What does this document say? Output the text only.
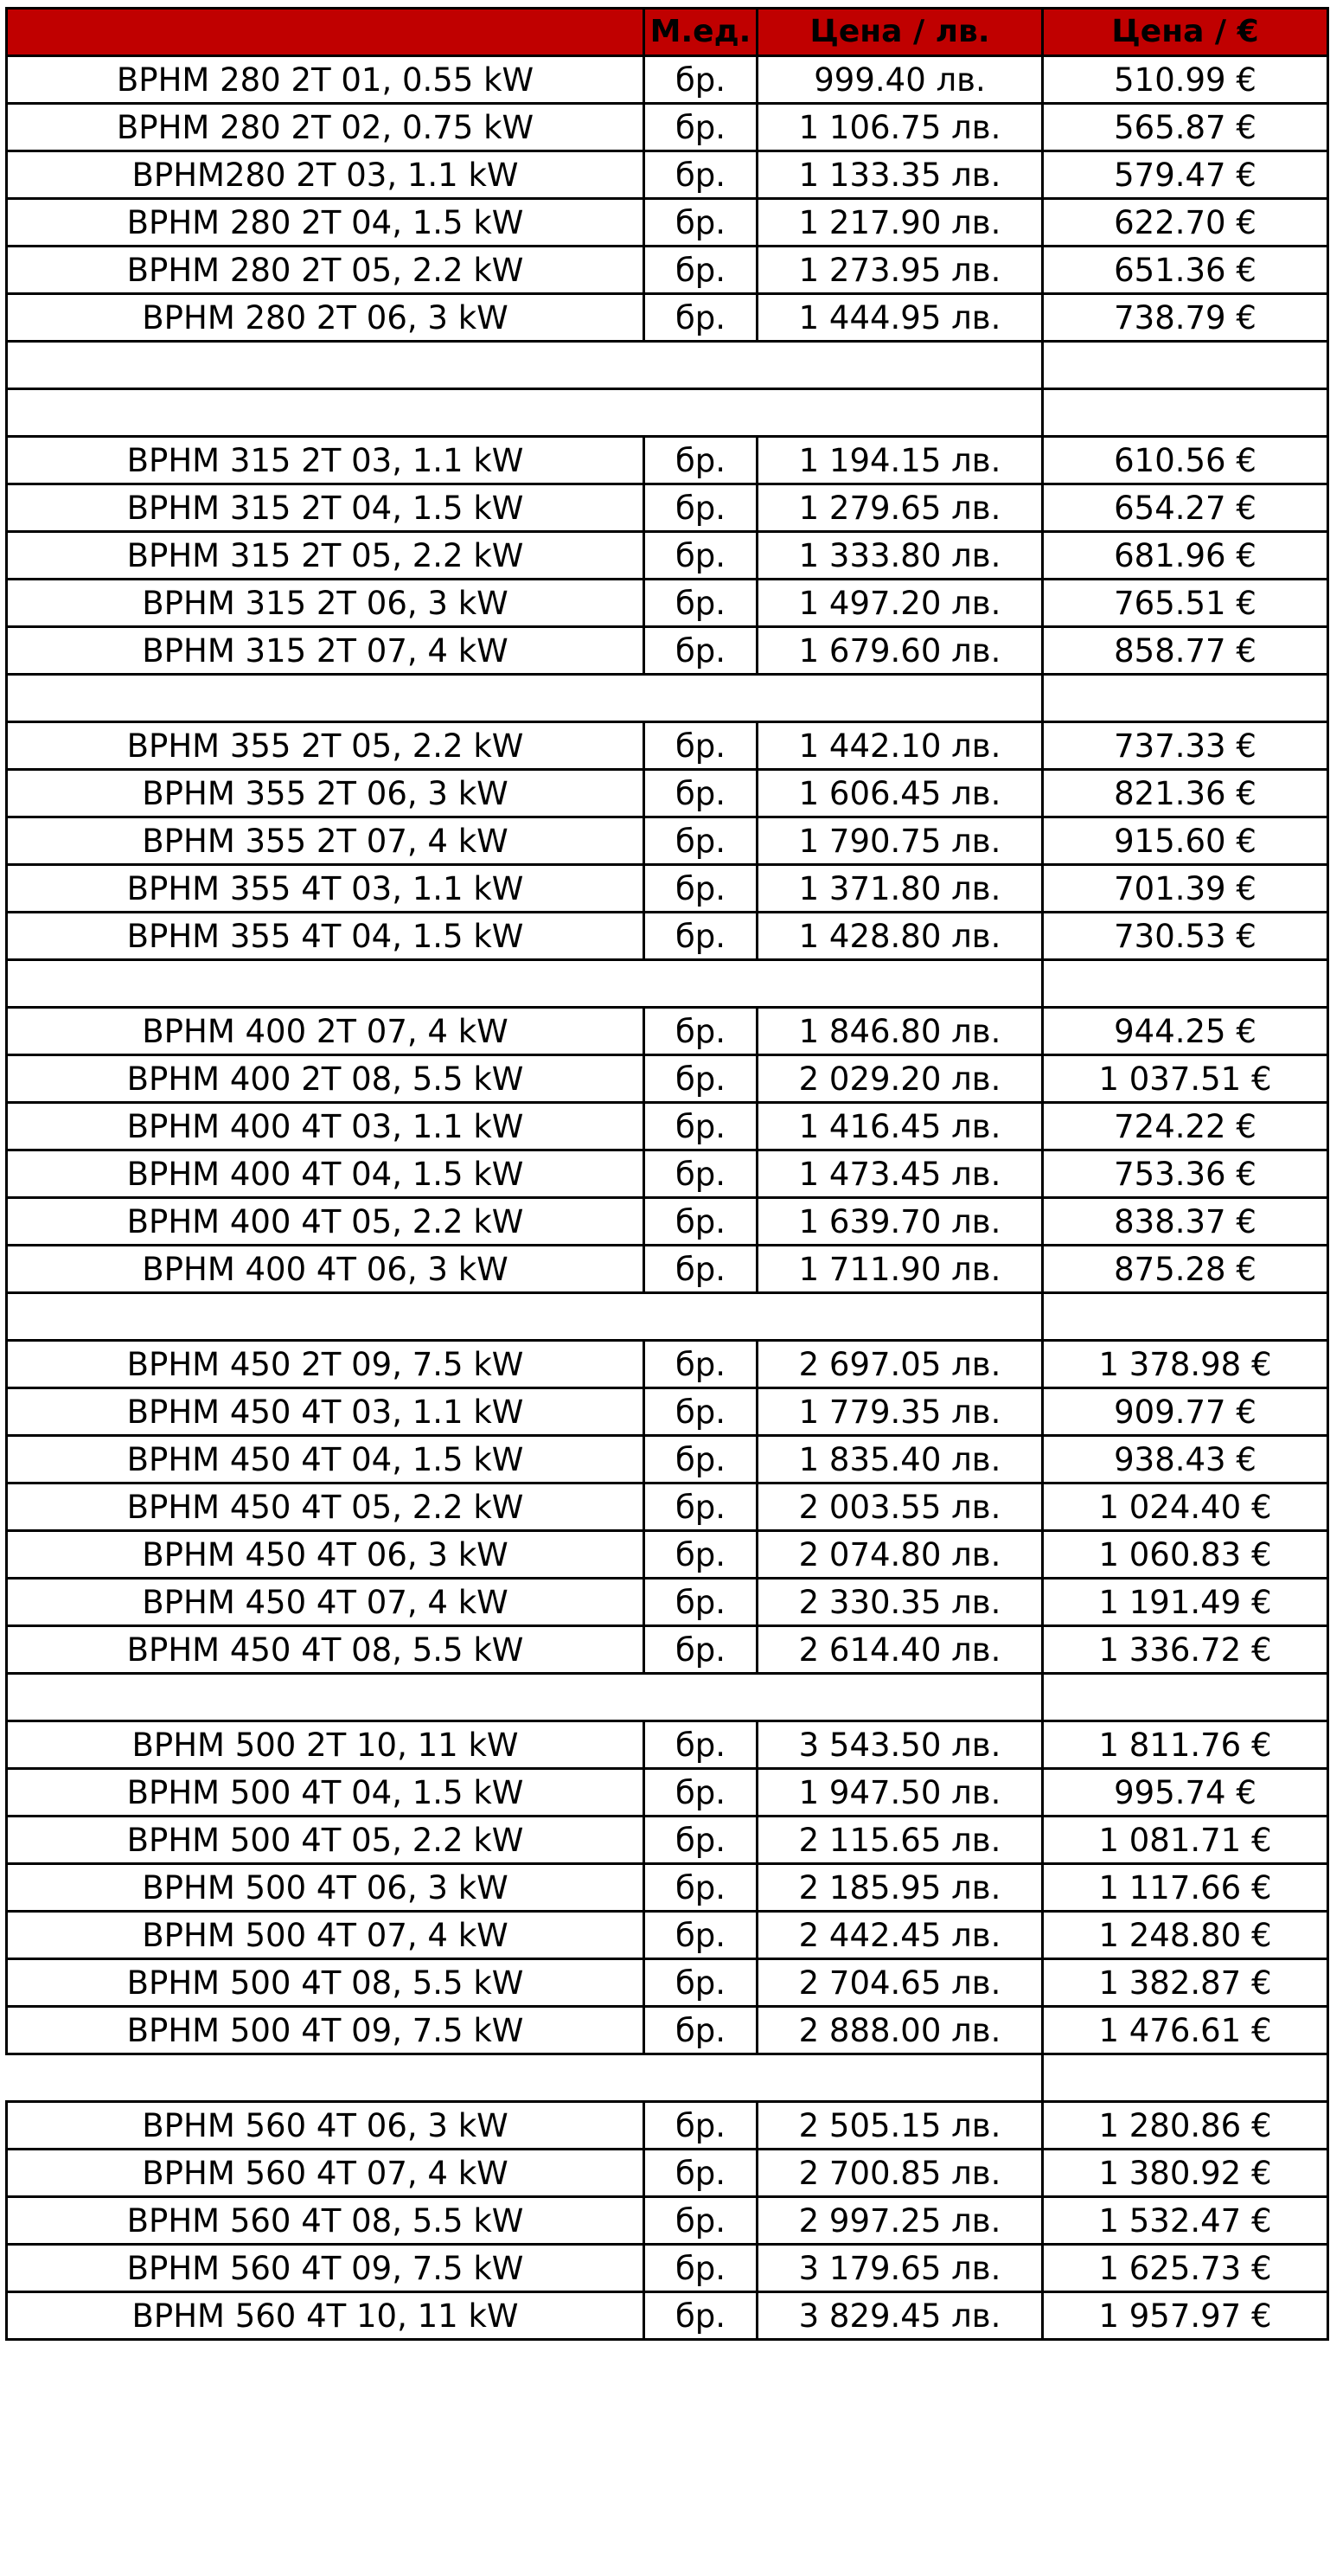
	М.ед.	Цена / лв.	Цена / €
ВРНМ 280 2Т 01, 0.55 kW	бр.	999.40 лв.	510.99 €
ВРНМ 280 2Т 02, 0.75 kW	бр.	1 106.75 лв.	565.87 €
ВРНМ280 2Т 03, 1.1 kW	бр.	1 133.35 лв.	579.47 €
ВРНМ 280 2Т 04, 1.5 kW	бр.	1 217.90 лв.	622.70 €
ВРНМ 280 2Т 05, 2.2 kW	бр.	1 273.95 лв.	651.36 €
ВРНМ 280 2Т 06, 3 kW	бр.	1 444.95 лв.	738.79 €

ВРНМ 315 2Т 03, 1.1 kW	бр.	1 194.15 лв.	610.56 €
ВРНМ 315 2Т 04, 1.5 kW	бр.	1 279.65 лв.	654.27 €
ВРНМ 315 2Т 05, 2.2 kW	бр.	1 333.80 лв.	681.96 €
ВРНМ 315 2Т 06, 3 kW	бр.	1 497.20 лв.	765.51 €
ВРНМ 315 2Т 07, 4 kW	бр.	1 679.60 лв.	858.77 €

ВРНМ 355 2Т 05, 2.2 kW	бр.	1 442.10 лв.	737.33 €
ВРНМ 355 2Т 06, 3 kW	бр.	1 606.45 лв.	821.36 €
ВРНМ 355 2Т 07, 4 kW	бр.	1 790.75 лв.	915.60 €
ВРНМ 355 4Т 03, 1.1 kW	бр.	1 371.80 лв.	701.39 €
ВРНМ 355 4Т 04, 1.5 kW	бр.	1 428.80 лв.	730.53 €

ВРНМ 400 2Т 07, 4 kW	бр.	1 846.80 лв.	944.25 €
ВРНМ 400 2Т 08, 5.5 kW	бр.	2 029.20 лв.	1 037.51 €
ВРНМ 400 4Т 03, 1.1 kW	бр.	1 416.45 лв.	724.22 €
ВРНМ 400 4Т 04, 1.5 kW	бр.	1 473.45 лв.	753.36 €
ВРНМ 400 4Т 05, 2.2 kW	бр.	1 639.70 лв.	838.37 €
ВРНМ 400 4Т 06, 3 kW	бр.	1 711.90 лв.	875.28 €

ВРНМ 450 2Т 09, 7.5 kW	бр.	2 697.05 лв.	1 378.98 €
ВРНМ 450 4Т 03, 1.1 kW	бр.	1 779.35 лв.	909.77 €
ВРНМ 450 4Т 04, 1.5 kW	бр.	1 835.40 лв.	938.43 €
ВРНМ 450 4Т 05, 2.2 kW	бр.	2 003.55 лв.	1 024.40 €
ВРНМ 450 4Т 06, 3 kW	бр.	2 074.80 лв.	1 060.83 €
ВРНМ 450 4Т 07, 4 kW	бр.	2 330.35 лв.	1 191.49 €
ВРНМ 450 4Т 08, 5.5 kW	бр.	2 614.40 лв.	1 336.72 €

ВРНМ 500 2Т 10, 11 kW	бр.	3 543.50 лв.	1 811.76 €
ВРНМ 500 4Т 04, 1.5 kW	бр.	1 947.50 лв.	995.74 €
ВРНМ 500 4Т 05, 2.2 kW	бр.	2 115.65 лв.	1 081.71 €
ВРНМ 500 4Т 06, 3 kW	бр.	2 185.95 лв.	1 117.66 €
ВРНМ 500 4Т 07, 4 kW	бр.	2 442.45 лв.	1 248.80 €
ВРНМ 500 4Т 08, 5.5 kW	бр.	2 704.65 лв.	1 382.87 €
ВРНМ 500 4Т 09, 7.5 kW	бр.	2 888.00 лв.	1 476.61 €

ВРНМ 560 4Т 06, 3 kW	бр.	2 505.15 лв.	1 280.86 €
ВРНМ 560 4Т 07, 4 kW	бр.	2 700.85 лв.	1 380.92 €
ВРНМ 560 4Т 08, 5.5 kW	бр.	2 997.25 лв.	1 532.47 €
ВРНМ 560 4Т 09, 7.5 kW	бр.	3 179.65 лв.	1 625.73 €
ВРНМ 560 4Т 10, 11 kW	бр.	3 829.45 лв.	1 957.97 €
